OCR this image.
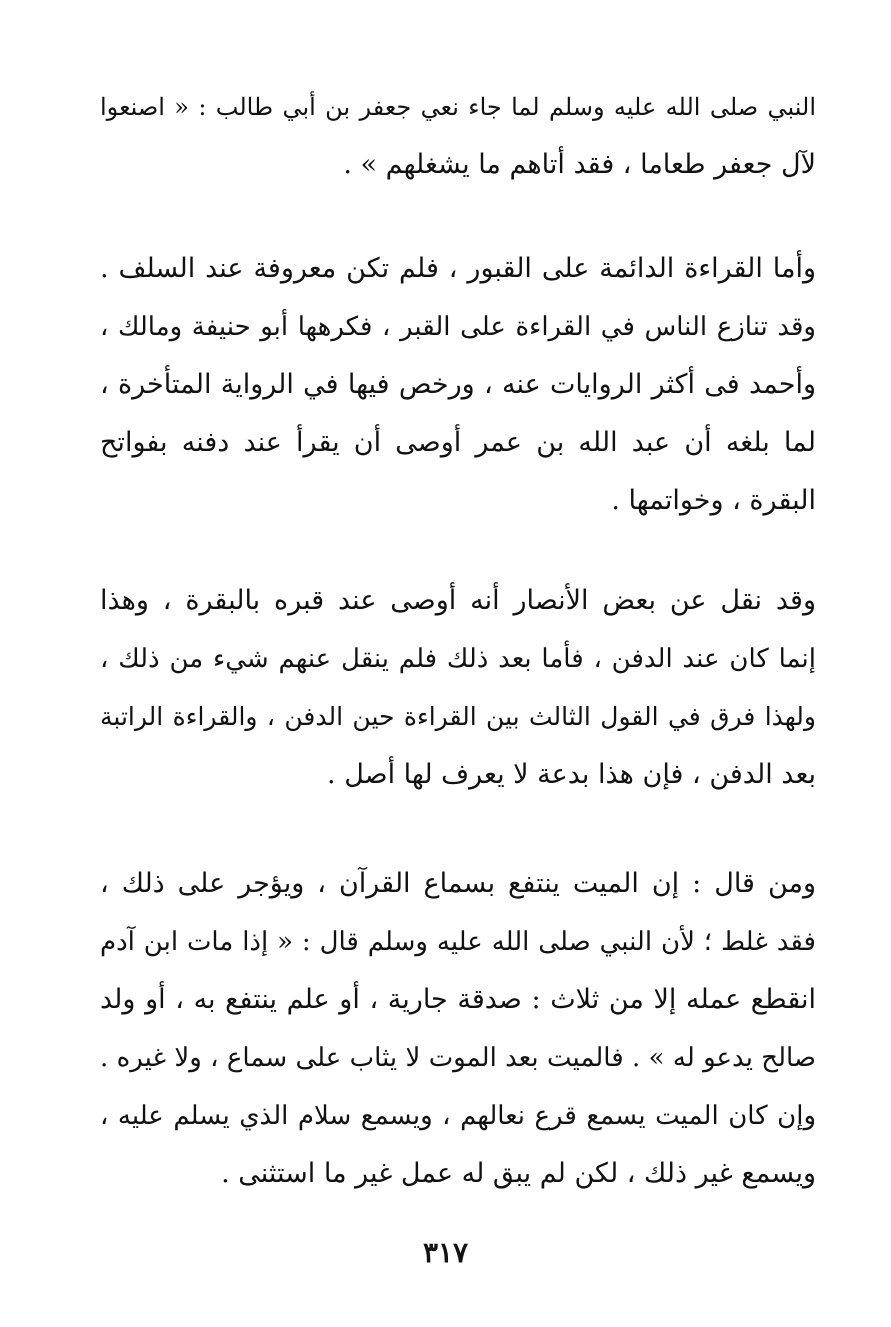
النبي صلى الله عليه وسلم لما جاء نعي جعفر بن أبي طالب : « اصنعوا
لآل جعفر طعاما ، فقد أتاهم ما يشغلهم » .
وأما القراءة الدائمة على القبور ، فلم تكن معروفة عند السلف .
وقد تنازع الناس في القراءة على القبر ، فكرهها أبو حنيفة ومالك ،
وأحمد فى أكثر الروايات عنه ، ورخص فيها في الرواية المتأخرة ،
لما بلغه أن عبد الله بن عمر أوصى أن يقرأ عند دفنه بفواتح
البقرة ، وخواتمها .
وقد نقل عن بعض الأنصار أنه أوصى عند قبره بالبقرة ، وهذا
إنما كان عند الدفن ، فأما بعد ذلك فلم ينقل عنهم شيء من ذلك ،
ولهذا فرق في القول الثالث بين القراءة حين الدفن ، والقراءة الراتبة
بعد الدفن ، فإن هذا بدعة لا يعرف لها أصل .
ومن قال : إن الميت ينتفع بسماع القرآن ، ويؤجر على ذلك ،
فقد غلط ؛ لأن النبي صلى الله عليه وسلم قال : « إذا مات ابن آدم
انقطع عمله إلا من ثلاث : صدقة جارية ، أو علم ينتفع به ، أو ولد
صالح يدعو له » . فالميت بعد الموت لا يثاب على سماع ، ولا غيره .
وإن كان الميت يسمع قرع نعالهم ، ويسمع سلام الذي يسلم عليه ،
ويسمع غير ذلك ، لكن لم يبق له عمل غير ما استثنى .
٣١٧
